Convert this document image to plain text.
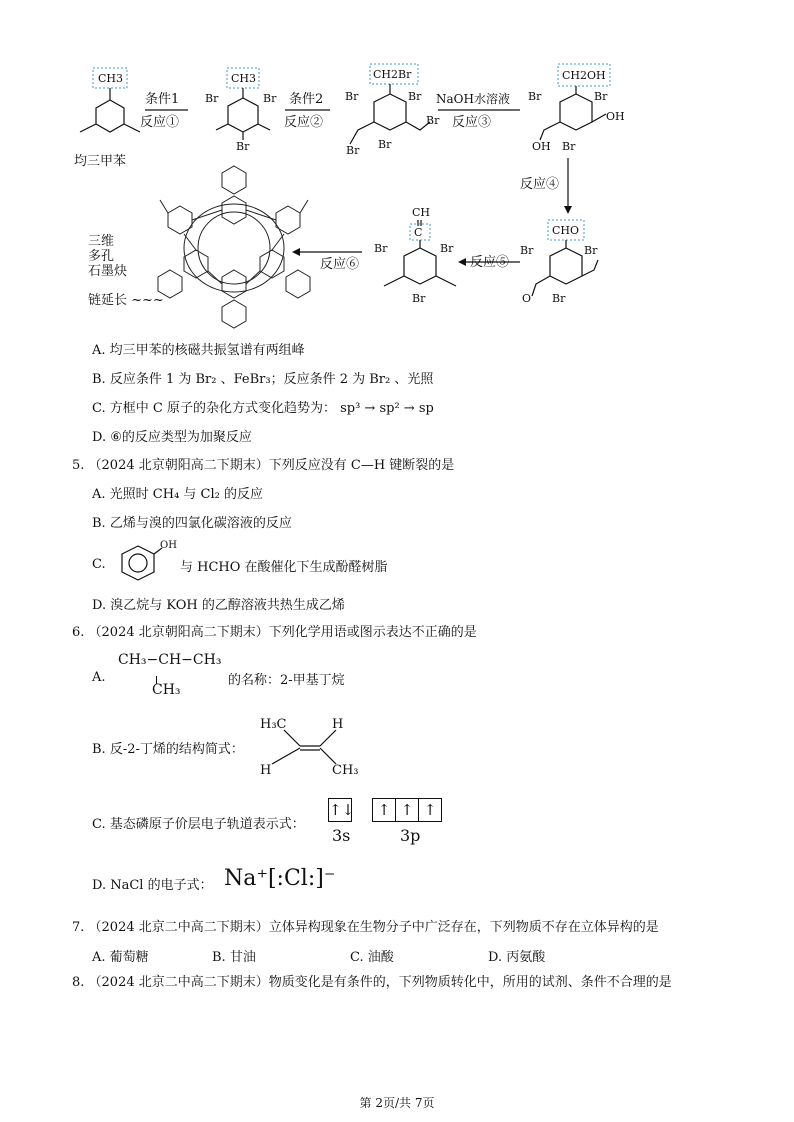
CH3
条件1
反应①
CH3
Br	Br
Br
条件2
反应②
CH2Br
Br	Br
Br
Br
Br
NaOH水溶液
反应③
CH2OH
Br	Br
OH
OH Br
反应④
CHO
Br	Br
O Br
反应⑤
CH
C
Br	Br
Br
反应⑥
三维
多孔
石墨炔
链延长 ~~~
均三甲苯
A. 均三甲苯的核磁共振氢谱有两组峰
B. 反应条件 1 为 Br₂ 、FeBr₃；反应条件 2 为 Br₂ 、光照
C. 方框中 C 原子的杂化方式变化趋势为： sp³ → sp² → sp
D. ⑥的反应类型为加聚反应
5. （2024 北京朝阳高二下期末）下列反应没有 C—H 键断裂的是
A. 光照时 CH₄ 与 Cl₂ 的反应
B. 乙烯与溴的四氯化碳溶液的反应
C.
OH
与 HCHO 在酸催化下生成酚醛树脂
D. 溴乙烷与 KOH 的乙醇溶液共热生成乙烯
6. （2024 北京朝阳高二下期末）下列化学用语或图示表达不正确的是
A.
CH₃−CH−CH₃
CH₃
的名称：2-甲基丁烷
B. 反-2-丁烯的结构简式：
H₃C	H
H	CH₃
C. 基态磷原子价层电子轨道表示式：
↑↓	↑ ↑ ↑
3s	3p
D. NaCl 的电子式： Na⁺[:Cl:]⁻
7. （2024 北京二中高二下期末）立体异构现象在生物分子中广泛存在，下列物质不存在立体异构的是
A. 葡萄糖	B. 甘油	C. 油酸	D. 丙氨酸
8. （2024 北京二中高二下期末）物质变化是有条件的，下列物质转化中，所用的试剂、条件不合理的是
第 2页/共 7页
